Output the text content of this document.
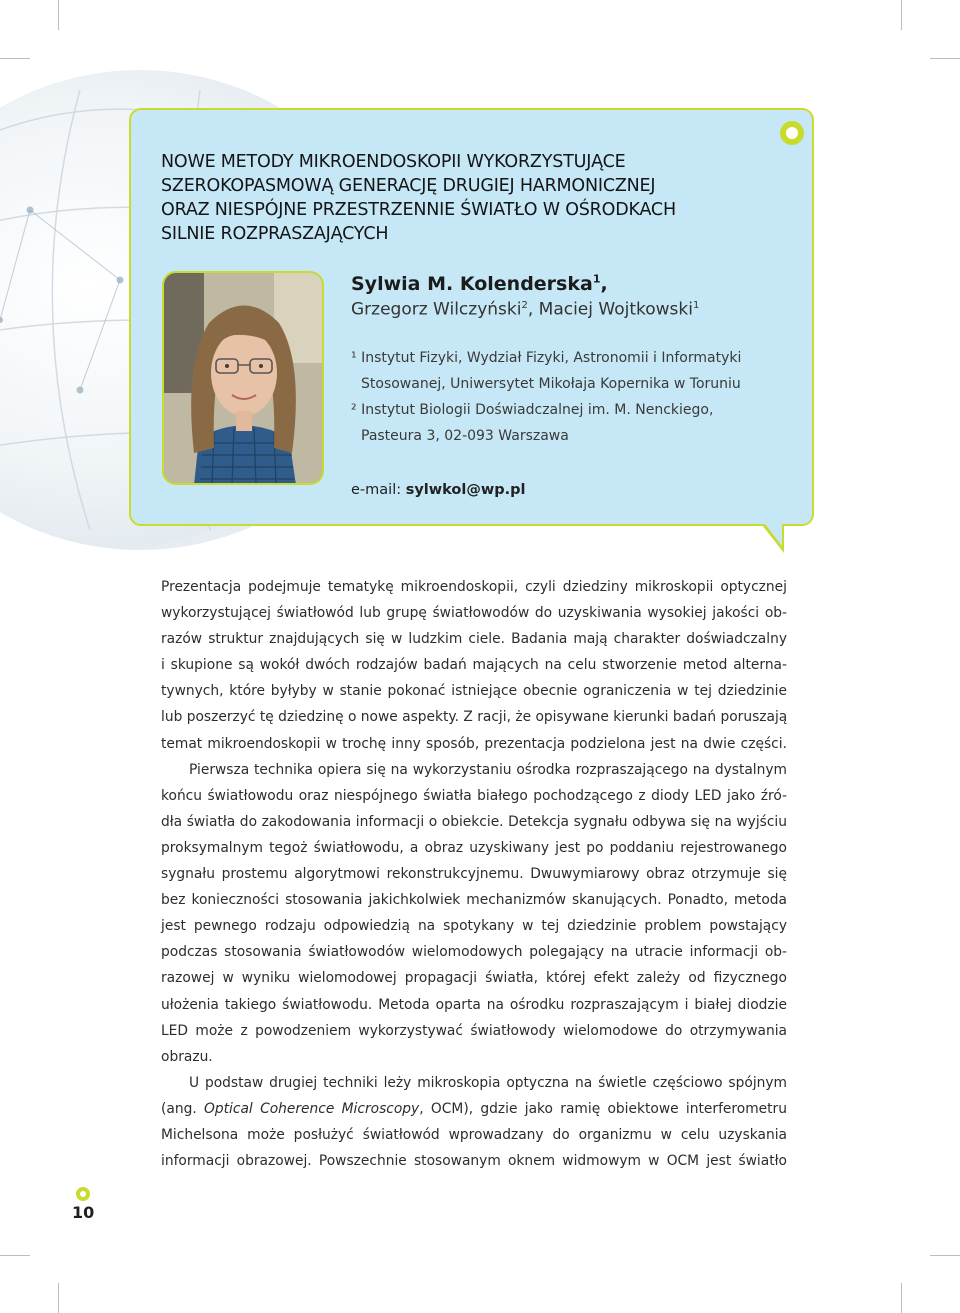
NOWE METODY MIKROENDOSKOPII WYKORZYSTUJĄCE
SZEROKOPASMOWĄ GENERACJĘ DRUGIEJ HARMONICZNEJ
ORAZ NIESPÓJNE PRZESTRZENNIE ŚWIATŁO W OŚRODKACH
SILNIE ROZPRASZAJĄCYCH
Sylwia M. Kolenderska$^1$,
Grzegorz Wilczyński$^2$, Maciej Wojtkowski$^1$
¹ Instytut Fizyki, Wydział Fizyki, Astronomii i Informatyki
Stosowanej, Uniwersytet Mikołaja Kopernika w Toruniu
² Instytut Biologii Doświadczalnej im. M. Nenckiego,
Pasteura 3, 02-093 Warszawa
e-mail: sylwkol@wp.pl
Prezentacja podejmuje tematykę mikroendoskopii, czyli dziedziny mikroskopii optycznej
wykorzystującej światłowód lub grupę światłowodów do uzyskiwania wysokiej jakości ob-
razów struktur znajdujących się w ludzkim ciele. Badania mają charakter doświadczalny
i skupione są wokół dwóch rodzajów badań mających na celu stworzenie metod alterna-
tywnych, które byłyby w stanie pokonać istniejące obecnie ograniczenia w tej dziedzinie
lub poszerzyć tę dziedzinę o nowe aspekty. Z racji, że opisywane kierunki badań poruszają
temat mikroendoskopii w trochę inny sposób, prezentacja podzielona jest na dwie części.
Pierwsza technika opiera się na wykorzystaniu ośrodka rozpraszającego na dystalnym
końcu światłowodu oraz niespójnego światła białego pochodzącego z diody LED jako źró-
dła światła do zakodowania informacji o obiekcie. Detekcja sygnału odbywa się na wyjściu
proksymalnym tegoż światłowodu, a obraz uzyskiwany jest po poddaniu rejestrowanego
sygnału prostemu algorytmowi rekonstrukcyjnemu. Dwuwymiarowy obraz otrzymuje się
bez konieczności stosowania jakichkolwiek mechanizmów skanujących. Ponadto, metoda
jest pewnego rodzaju odpowiedzią na spotykany w tej dziedzinie problem powstający
podczas stosowania światłowodów wielomodowych polegający na utracie informacji ob-
razowej w wyniku wielomodowej propagacji światła, której efekt zależy od fizycznego
ułożenia takiego światłowodu. Metoda oparta na ośrodku rozpraszającym i białej diodzie
LED może z powodzeniem wykorzystywać światłowody wielomodowe do otrzymywania
obrazu.
U podstaw drugiej techniki leży mikroskopia optyczna na świetle częściowo spójnym
(ang. Optical Coherence Microscopy, OCM), gdzie jako ramię obiektowe interferometru
Michelsona może posłużyć światłowód wprowadzany do organizmu w celu uzyskania
informacji obrazowej. Powszechnie stosowanym oknem widmowym w OCM jest światło
10
